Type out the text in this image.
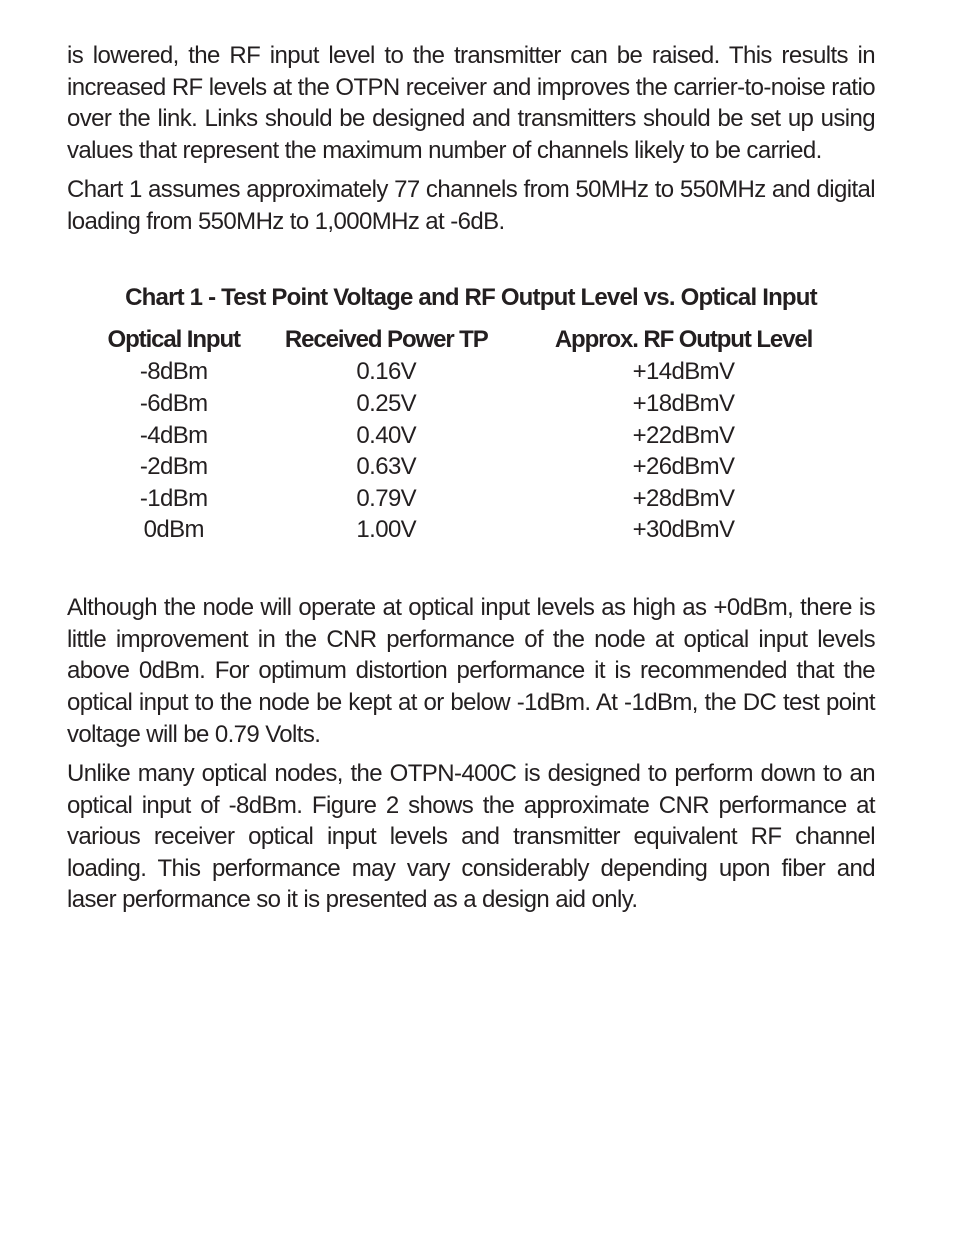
is lowered, the RF input level to the transmitter can be raised. This results in increased RF levels at the OTPN receiver and improves the carrier-to-noise ratio over the link. Links should be designed and transmitters should be set up using values that represent the maximum number of channels likely to be carried.

Chart 1 assumes approximately 77 channels from 50MHz to 550MHz and digital loading from 550MHz to 1,000MHz at -6dB.

Chart 1 - Test Point Voltage and RF Output Level vs. Optical Input
Optical Input	Received Power TP	Approx. RF Output Level
-8dBm	0.16V	+14dBmV
-6dBm	0.25V	+18dBmV
-4dBm	0.40V	+22dBmV
-2dBm	0.63V	+26dBmV
-1dBm	0.79V	+28dBmV
0dBm	1.00V	+30dBmV

Although the node will operate at optical input levels as high as +0dBm, there is little improvement in the CNR performance of the node at optical input levels above 0dBm. For optimum distortion performance it is recommended that the optical input to the node be kept at or below -1dBm. At -1dBm, the DC test point voltage will be 0.79 Volts.

Unlike many optical nodes, the OTPN-400C is designed to perform down to an optical input of -8dBm. Figure 2 shows the approximate CNR performance at various receiver optical input levels and transmitter equivalent RF channel loading. This performance may vary considerably depending upon fiber and laser performance so it is presented as a design aid only.
